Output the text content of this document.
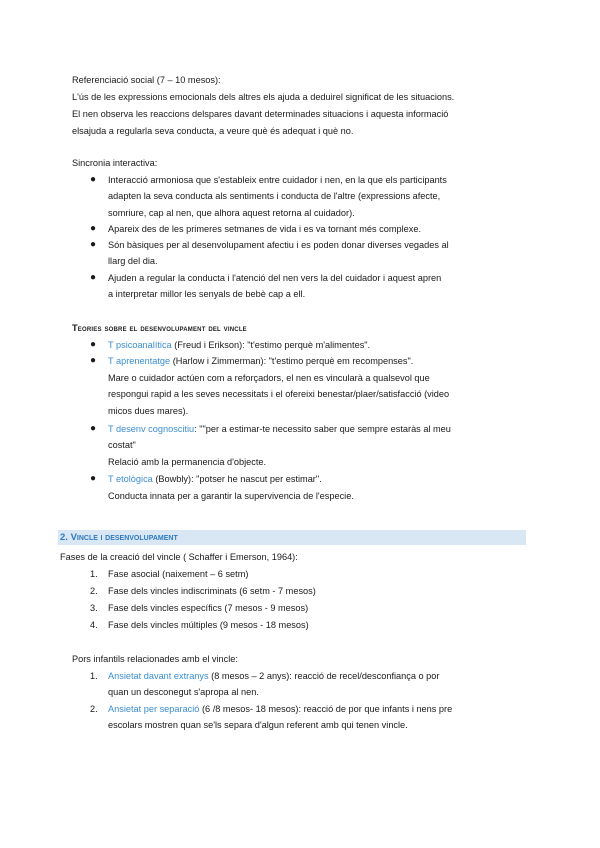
Referenciació social (7 – 10 mesos):
L'ús de les expressions emocionals dels altres els ajuda a deduirel significat de les situacions.
El nen observa les reaccions delspares davant determinades situacions i aquesta informació
elsajuda a regularla seva conducta, a veure què és adequat i què no.
Sincronia interactiva:
● Interacció armoniosa que s'estableix entre cuidador i nen, en la que els participants
adapten la seva conducta als sentiments i conducta de l'altre (expressions afecte,
somriure, cap al nen, que alhora aquest retorna al cuidador).
● Apareix des de les primeres setmanes de vida i es va tornant més complexe.
● Són bàsiques per al desenvolupament afectiu i es poden donar diverses vegades al
llarg del dia.
● Ajuden a regular la conducta i l'atenció del nen vers la del cuidador i aquest apren
a interpretar millor les senyals de bebè cap a ell.
Teories sobre el desenvolupament del vincle
● T psicoanalítica (Freud i Erikson): "t'estimo perquè m'alimentes".
● T aprenentatge (Harlow i Zimmerman): "t'estimo perquè em recompenses".
Mare o cuidador actúen com a reforçadors, el nen es vincularà a qualsevol que
respongui rapid a les seves necessitats i el ofereixi benestar/plaer/satisfacció (video
micos dues mares).
● T desenv cognoscitiu: ""per a estimar-te necessito saber que sempre estaràs al meu
costat"
Relació amb la permanencia d'objecte.
● T etològica (Bowbly): "potser he nascut per estimar".
Conducta innata per a garantir la supervivencia de l'especie.
2. Vincle i desenvolupament
Fases de la creació del vincle ( Schaffer i Emerson, 1964):
1. Fase asocial (naixement – 6 setm)
2. Fase dels vincles indiscriminats (6 setm - 7 mesos)
3. Fase dels vincles específics (7 mesos - 9 mesos)
4. Fase dels vincles múltiples (9 mesos - 18 mesos)
Pors infantils relacionades amb el vincle:
1. Ansietat davant extranys (8 mesos – 2 anys): reacció de recel/desconfiança o por
quan un desconegut s'apropa al nen.
2. Ansietat per separació (6 /8 mesos- 18 mesos): reacció de por que infants i nens pre
escolars mostren quan se'ls separa d'algun referent amb qui tenen vincle.
